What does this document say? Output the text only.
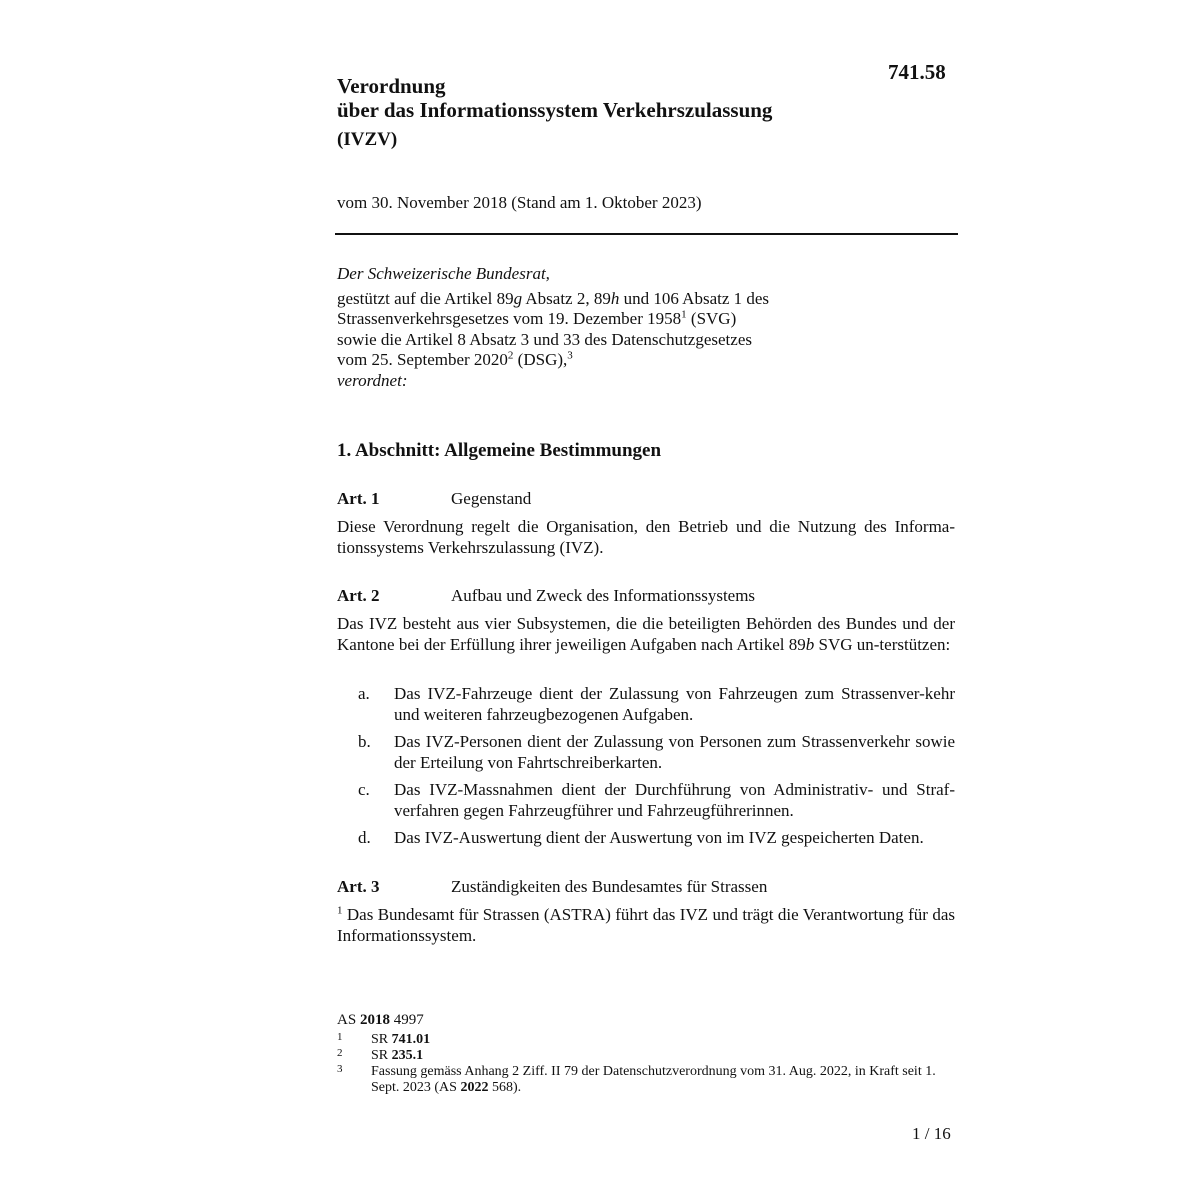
741.58
Verordnung
über das Informationssystem Verkehrszulassung
(IVZV)
vom 30. November 2018 (Stand am 1. Oktober 2023)
Der Schweizerische Bundesrat,
gestützt auf die Artikel 89g Absatz 2, 89h und 106 Absatz 1 des
Strassenverkehrsgesetzes vom 19. Dezember 1958$^1$ (SVG)
sowie die Artikel 8 Absatz 3 und 33 des Datenschutzgesetzes
vom 25. September 2020$^2$ (DSG),$^3$
verordnet:
1. Abschnitt: Allgemeine Bestimmungen
Art. 1	Gegenstand
Diese Verordnung regelt die Organisation, den Betrieb und die Nutzung des Informa-tionssystems Verkehrszulassung (IVZ).
Art. 2	Aufbau und Zweck des Informationssystems
Das IVZ besteht aus vier Subsystemen, die die beteiligten Behörden des Bundes und der Kantone bei der Erfüllung ihrer jeweiligen Aufgaben nach Artikel 89b SVG un-terstützen:
a. Das IVZ-Fahrzeuge dient der Zulassung von Fahrzeugen zum Strassenver-kehr und weiteren fahrzeugbezogenen Aufgaben.
b. Das IVZ-Personen dient der Zulassung von Personen zum Strassenverkehr sowie der Erteilung von Fahrtschreiberkarten.
c. Das IVZ-Massnahmen dient der Durchführung von Administrativ- und Straf-verfahren gegen Fahrzeugführer und Fahrzeugführerinnen.
d. Das IVZ-Auswertung dient der Auswertung von im IVZ gespeicherten Daten.
Art. 3	Zuständigkeiten des Bundesamtes für Strassen
$^1$ Das Bundesamt für Strassen (ASTRA) führt das IVZ und trägt die Verantwortung für das Informationssystem.
AS 2018 4997
1 SR 741.01
2 SR 235.1
3 Fassung gemäss Anhang 2 Ziff. II 79 der Datenschutzverordnung vom 31. Aug. 2022, in Kraft seit 1. Sept. 2023 (AS 2022 568).
1 / 16
